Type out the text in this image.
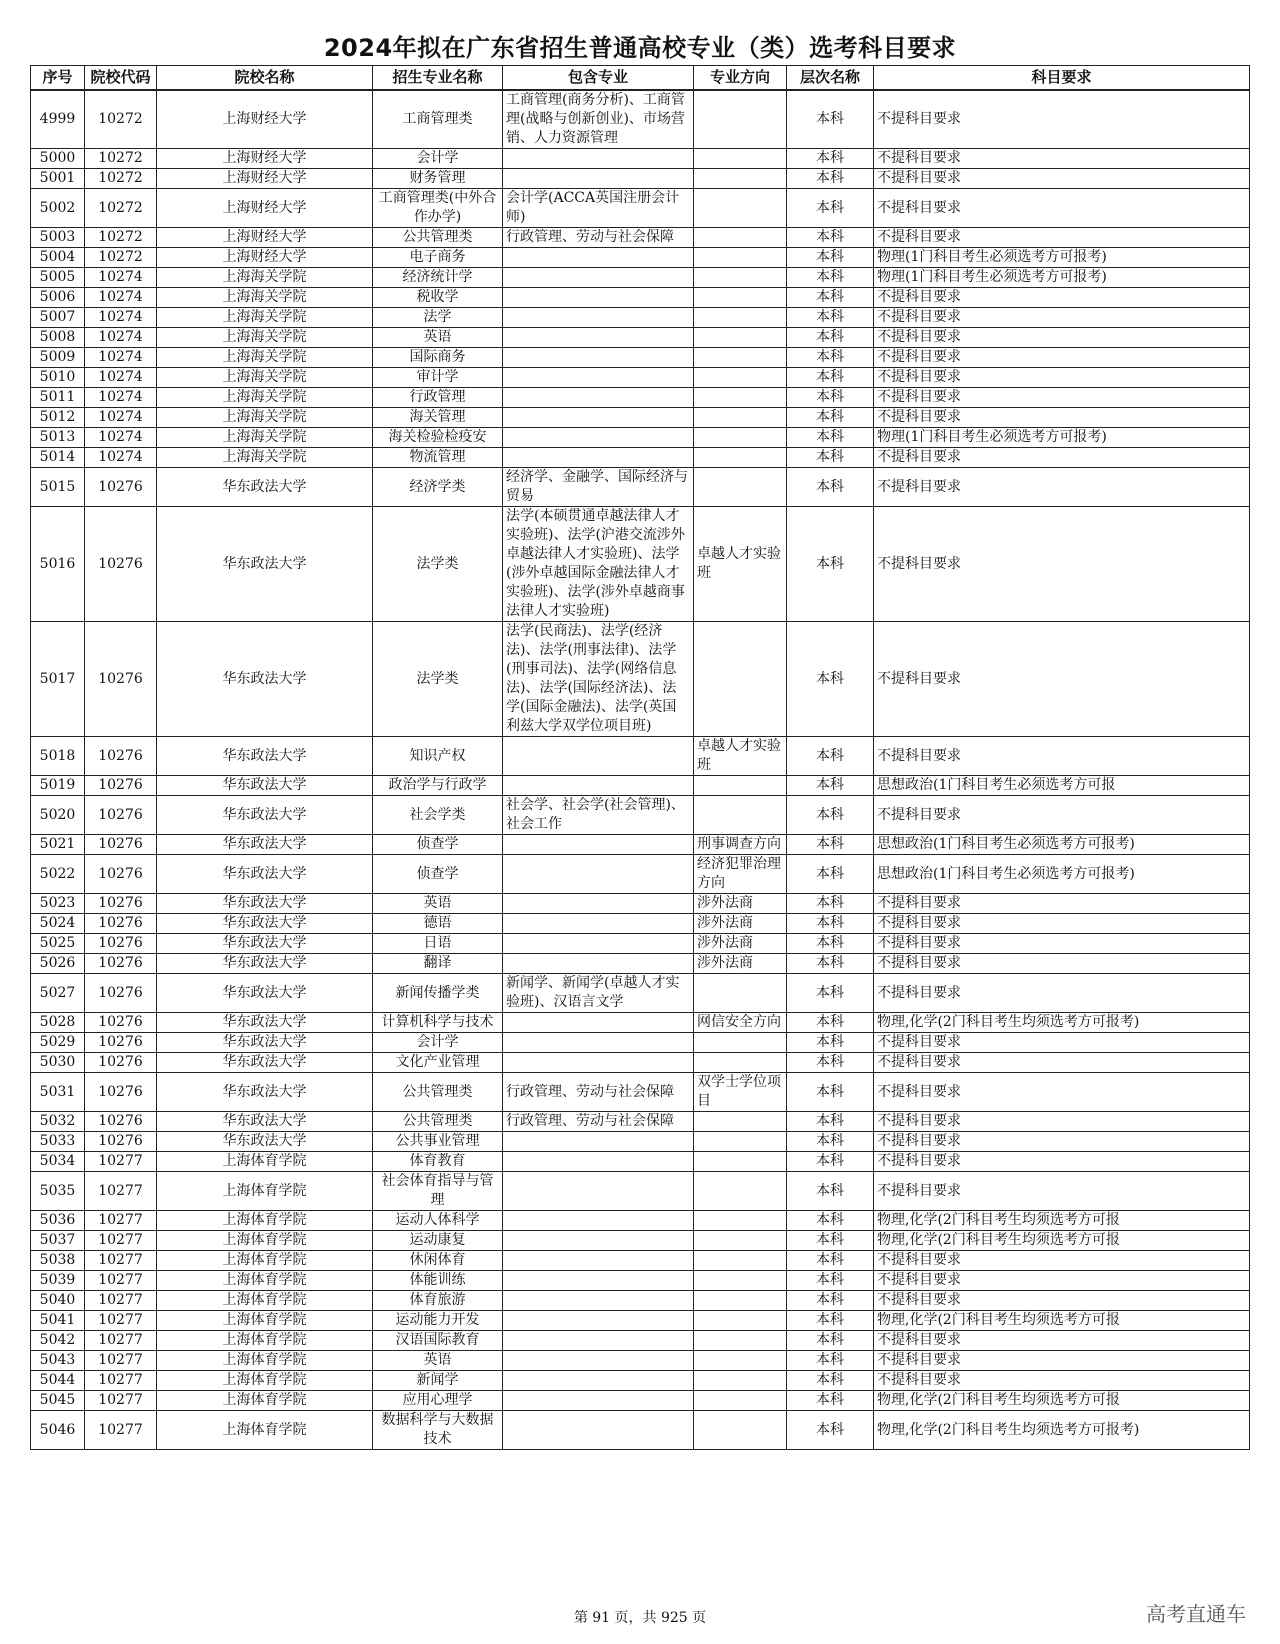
2024年拟在广东省招生普通高校专业（类）选考科目要求
序号	院校代码	院校名称	招生专业名称	包含专业	专业方向	层次名称	科目要求
4999	10272	上海财经大学	工商管理类	工商管理(商务分析)、工商管理(战略与创新创业)、市场营销、人力资源管理		本科	不提科目要求
5000	10272	上海财经大学	会计学			本科	不提科目要求
5001	10272	上海财经大学	财务管理			本科	不提科目要求
5002	10272	上海财经大学	工商管理类(中外合作办学)	会计学(ACCA英国注册会计师)		本科	不提科目要求
5003	10272	上海财经大学	公共管理类	行政管理、劳动与社会保障		本科	不提科目要求
5004	10272	上海财经大学	电子商务			本科	物理(1门科目考生必须选考方可报考)
5005	10274	上海海关学院	经济统计学			本科	物理(1门科目考生必须选考方可报考)
5006	10274	上海海关学院	税收学			本科	不提科目要求
5007	10274	上海海关学院	法学			本科	不提科目要求
5008	10274	上海海关学院	英语			本科	不提科目要求
5009	10274	上海海关学院	国际商务			本科	不提科目要求
5010	10274	上海海关学院	审计学			本科	不提科目要求
5011	10274	上海海关学院	行政管理			本科	不提科目要求
5012	10274	上海海关学院	海关管理			本科	不提科目要求
5013	10274	上海海关学院	海关检验检疫安			本科	物理(1门科目考生必须选考方可报考)
5014	10274	上海海关学院	物流管理			本科	不提科目要求
5015	10276	华东政法大学	经济学类	经济学、金融学、国际经济与贸易		本科	不提科目要求
5016	10276	华东政法大学	法学类	法学(本硕贯通卓越法律人才实验班)、法学(沪港交流涉外卓越法律人才实验班)、法学(涉外卓越国际金融法律人才实验班)、法学(涉外卓越商事法律人才实验班)	卓越人才实验班	本科	不提科目要求
5017	10276	华东政法大学	法学类	法学(民商法)、法学(经济法)、法学(刑事法律)、法学(刑事司法)、法学(网络信息法)、法学(国际经济法)、法学(国际金融法)、法学(英国利兹大学双学位项目班)		本科	不提科目要求
5018	10276	华东政法大学	知识产权		卓越人才实验班	本科	不提科目要求
5019	10276	华东政法大学	政治学与行政学			本科	思想政治(1门科目考生必须选考方可报
5020	10276	华东政法大学	社会学类	社会学、社会学(社会管理)、社会工作		本科	不提科目要求
5021	10276	华东政法大学	侦查学		刑事调查方向	本科	思想政治(1门科目考生必须选考方可报考)
5022	10276	华东政法大学	侦查学		经济犯罪治理方向	本科	思想政治(1门科目考生必须选考方可报考)
5023	10276	华东政法大学	英语		涉外法商	本科	不提科目要求
5024	10276	华东政法大学	德语		涉外法商	本科	不提科目要求
5025	10276	华东政法大学	日语		涉外法商	本科	不提科目要求
5026	10276	华东政法大学	翻译		涉外法商	本科	不提科目要求
5027	10276	华东政法大学	新闻传播学类	新闻学、新闻学(卓越人才实验班)、汉语言文学		本科	不提科目要求
5028	10276	华东政法大学	计算机科学与技术		网信安全方向	本科	物理,化学(2门科目考生均须选考方可报考)
5029	10276	华东政法大学	会计学			本科	不提科目要求
5030	10276	华东政法大学	文化产业管理			本科	不提科目要求
5031	10276	华东政法大学	公共管理类	行政管理、劳动与社会保障	双学士学位项目	本科	不提科目要求
5032	10276	华东政法大学	公共管理类	行政管理、劳动与社会保障		本科	不提科目要求
5033	10276	华东政法大学	公共事业管理			本科	不提科目要求
5034	10277	上海体育学院	体育教育			本科	不提科目要求
5035	10277	上海体育学院	社会体育指导与管理			本科	不提科目要求
5036	10277	上海体育学院	运动人体科学			本科	物理,化学(2门科目考生均须选考方可报
5037	10277	上海体育学院	运动康复			本科	物理,化学(2门科目考生均须选考方可报
5038	10277	上海体育学院	休闲体育			本科	不提科目要求
5039	10277	上海体育学院	体能训练			本科	不提科目要求
5040	10277	上海体育学院	体育旅游			本科	不提科目要求
5041	10277	上海体育学院	运动能力开发			本科	物理,化学(2门科目考生均须选考方可报
5042	10277	上海体育学院	汉语国际教育			本科	不提科目要求
5043	10277	上海体育学院	英语			本科	不提科目要求
5044	10277	上海体育学院	新闻学			本科	不提科目要求
5045	10277	上海体育学院	应用心理学			本科	物理,化学(2门科目考生均须选考方可报
5046	10277	上海体育学院	数据科学与大数据技术			本科	物理,化学(2门科目考生均须选考方可报考)
第 91 页，共 925 页	高考直通车
